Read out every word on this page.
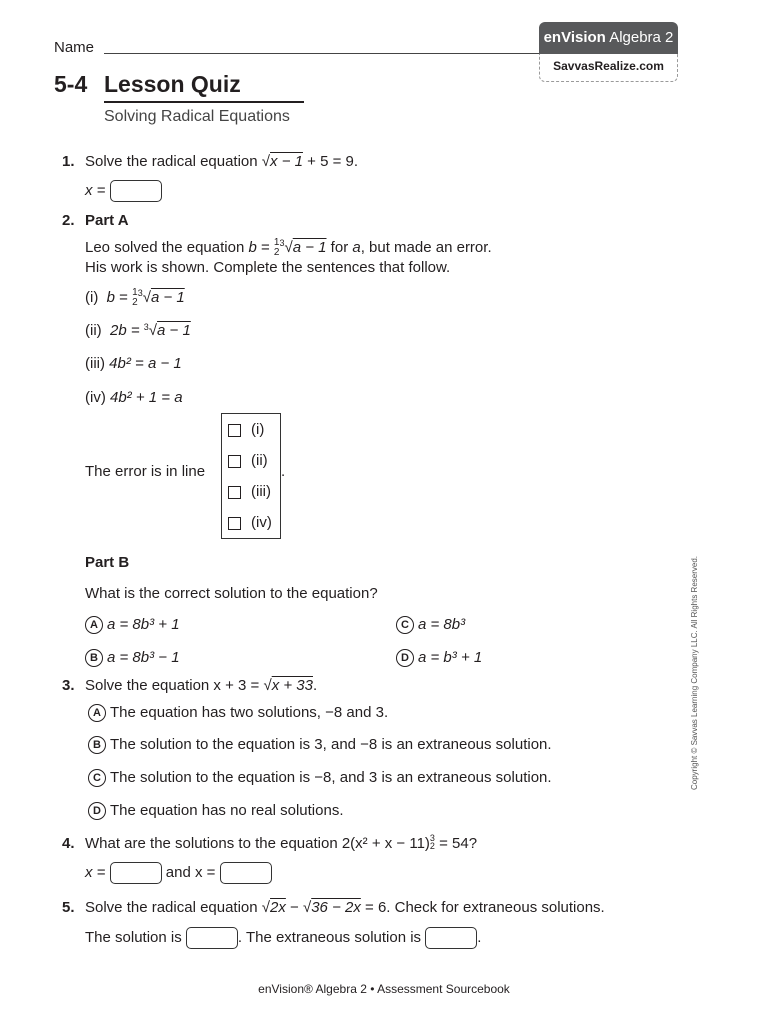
Name
enVision Algebra 2
SavvasRealize.com
5-4 Lesson Quiz
Solving Radical Equations
1. Solve the radical equation √x − 1 + 5 = 9.
x =
2. Part A
Leo solved the equation b = 1
$2^3√a - 1$ for a, but made an error.
His work is shown. Complete the sentences that follow.
(i) b = 1
$2^3√a - 1$
(ii) 2b = $^3$√a − 1
(iii) 4b² = a − 1
(iv) 4b² + 1 = a
The error is in line
(i)
(ii)
(iii)
(iv)
.
Part B
What is the correct solution to the equation?
A a = 8b³ + 1
B a = 8b³ − 1
C a = 8b³
D a = b³ + 1
3. Solve the equation x + 3 = √x + 33.
A The equation has two solutions, −8 and 3.
B The solution to the equation is 3, and −8 is an extraneous solution.
C The solution to the equation is −8, and 3 is an extraneous solution.
D The equation has no real solutions.
4. What are the solutions to the equation 2(x² + x − 11)3
2 = 54?
x =	and x =
5. Solve the radical equation √2x − √36 − 2x = 6. Check for extraneous solutions.
The solution is	. The extraneous solution is	.
Copyright © Savvas Learning Company LLC. All Rights Reserved.
enVision® Algebra 2 • Assessment Sourcebook
